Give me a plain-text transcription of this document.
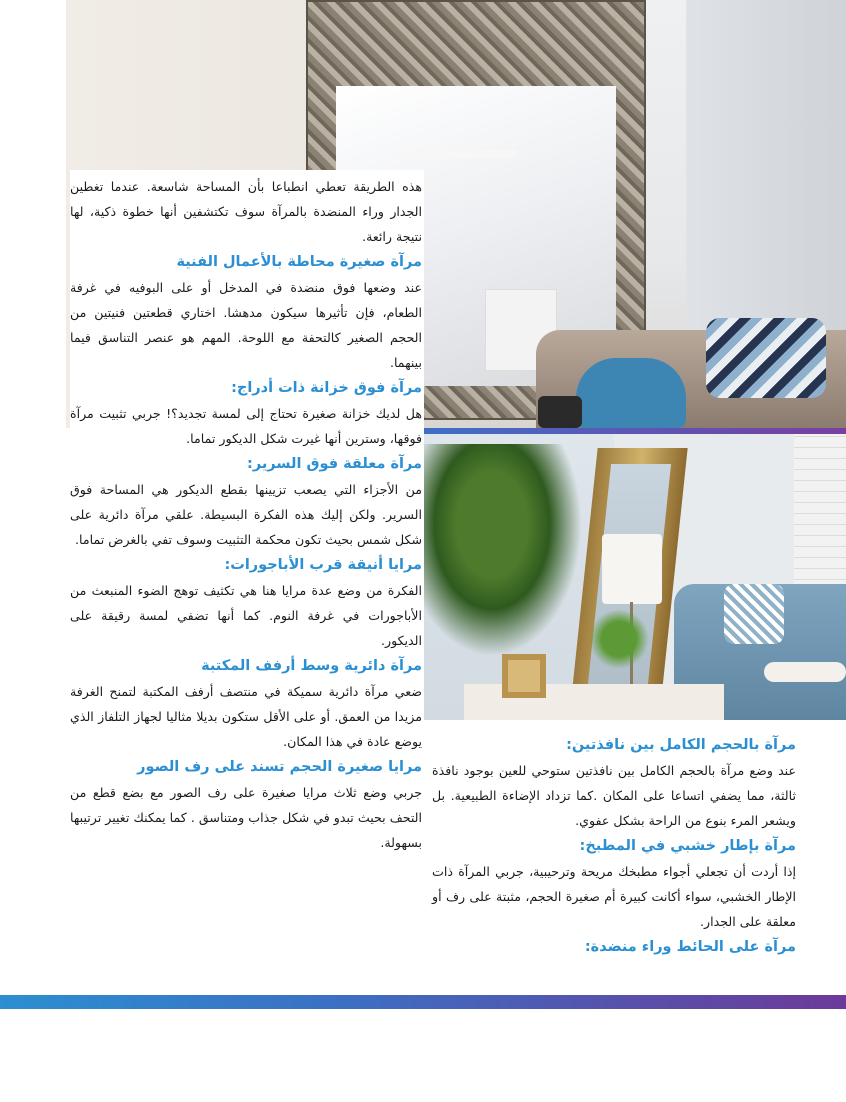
هذه الطريقة تعطي انطباعا بأن المساحة شاسعة. عندما تغطين الجدار وراء المنضدة بالمرآة سوف تكتشفين أنها خطوة ذكية، لها نتيجة رائعة.

مرآة صغيرة محاطة بالأعمال الفنية

عند وضعها فوق منضدة في المدخل أو على البوفيه في غرفة الطعام، فإن تأثيرها سيكون مدهشا. اختاري قطعتين فنيتين من الحجم الصغير كالتحفة مع اللوحة. المهم هو عنصر التناسق فيما بينهما.

مرآة فوق خزانة ذات أدراج:

هل لديك خزانة صغيرة تحتاج إلى لمسة تجديد؟! جربي تثبيت مرآة فوقها، وسترين أنها غيرت شكل الديكور تماما.

مرآة معلقة فوق السرير:

من الأجزاء التي يصعب تزيينها بقطع الديكور هي المساحة فوق السرير. ولكن إليك هذه الفكرة البسيطة. علقي مرآة دائرية على شكل شمس بحيث تكون محكمة التثبيت وسوف تفي بالغرض تماما.

مرايا أنيقة قرب الأباجورات:

الفكرة من وضع عدة مرايا هنا هي تكثيف توهج الضوء المنبعث من الأباجورات في غرفة النوم. كما أنها تضفي لمسة رقيقة على الديكور.

مرآة دائرية وسط أرفف المكتبة

ضعي مرآة دائرية سميكة في منتصف أرفف المكتبة لتمنح الغرفة مزيدا من العمق. أو على الأقل ستكون بديلا مثاليا لجهاز التلفاز الذي يوضع عادة في هذا المكان.

مرايا صغيرة الحجم تسند على رف الصور

جربي وضع ثلاث مرايا صغيرة على رف الصور مع بضع قطع من التحف بحيث تبدو في شكل جذاب ومتناسق . كما يمكنك تغيير ترتيبها بسهولة.

مرآة بالحجم الكامل بين نافذتين:

عند وضع مرآة بالحجم الكامل بين نافذتين ستوحي للعين بوجود نافذة ثالثة، مما يضفي اتساعا على المكان .كما تزداد الإضاءة الطبيعية. بل ويشعر المرء بنوع من الراحة بشكل عفوي.

مرآة بإطار خشبي في المطبخ:

إذا أردت أن تجعلي أجواء مطبخك مريحة وترحيبية، جربي المرآة ذات الإطار الخشبي، سواء أكانت كبيرة أم صغيرة الحجم، مثبتة على رف أو معلقة على الجدار.

مرآة على الحائط وراء منضدة:
